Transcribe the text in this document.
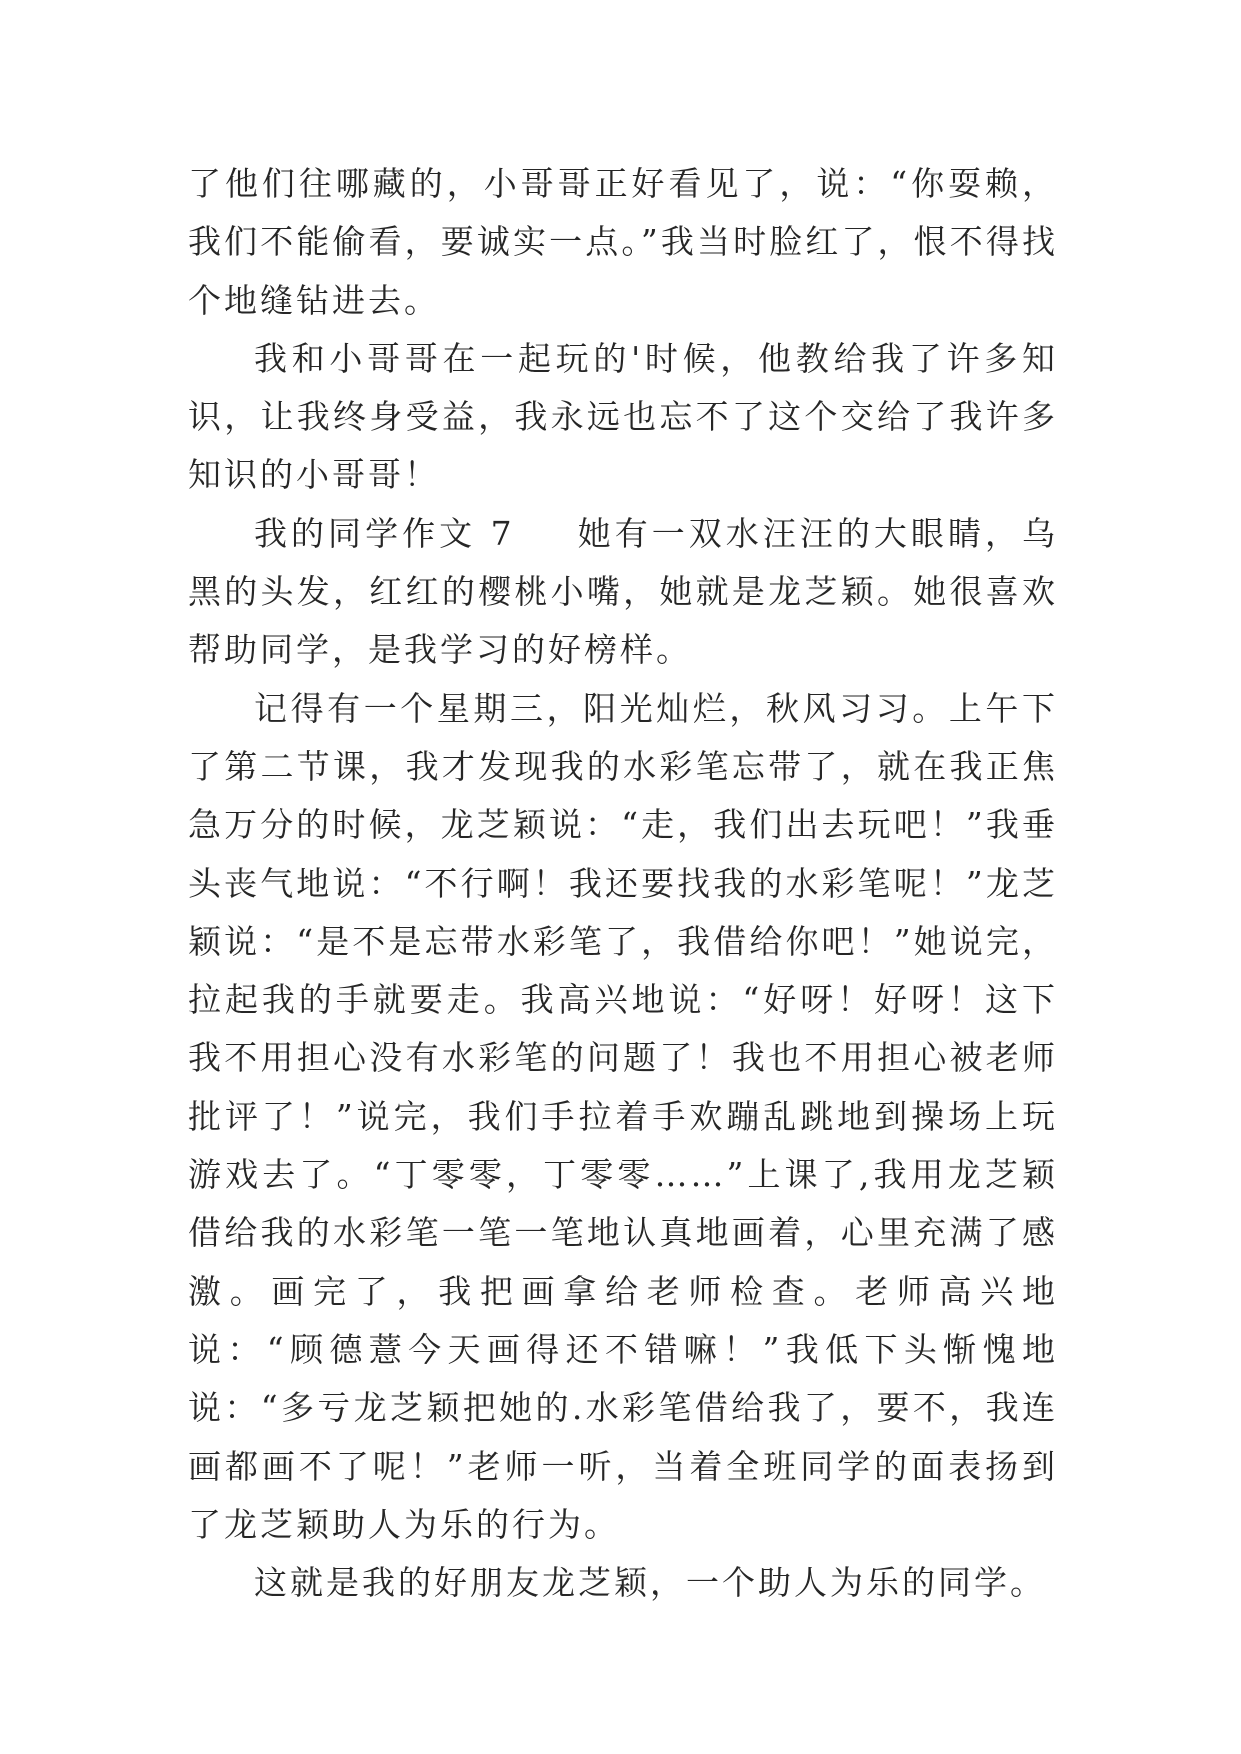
了他们往哪藏的，小哥哥正好看见了，说：“你耍赖，我们不能偷看，要诚实一点。”我当时脸红了，恨不得找个地缝钻进去。

我和小哥哥在一起玩的'时候，他教给我了许多知识，让我终身受益，我永远也忘不了这个交给了我许多知识的小哥哥！

我的同学作文 7 她有一双水汪汪的大眼睛，乌黑的头发，红红的樱桃小嘴，她就是龙芝颖。她很喜欢帮助同学，是我学习的好榜样。

记得有一个星期三，阳光灿烂，秋风习习。上午下了第二节课，我才发现我的水彩笔忘带了，就在我正焦急万分的时候，龙芝颖说：“走，我们出去玩吧！”我垂头丧气地说：“不行啊！我还要找我的水彩笔呢！”龙芝颖说：“是不是忘带水彩笔了，我借给你吧！”她说完，拉起我的手就要走。我高兴地说：“好呀！好呀！这下我不用担心没有水彩笔的问题了！我也不用担心被老师批评了！”说完，我们手拉着手欢蹦乱跳地到操场上玩游戏去了。“丁零零，丁零零……”上课了,我用龙芝颖借给我的水彩笔一笔一笔地认真地画着，心里充满了感激。画完了，我把画拿给老师检查。老师高兴地说：“顾德薏今天画得还不错嘛！”我低下头惭愧地说：“多亏龙芝颖把她的.水彩笔借给我了，要不，我连画都画不了呢！”老师一听，当着全班同学的面表扬到了龙芝颖助人为乐的行为。

这就是我的好朋友龙芝颖，一个助人为乐的同学。
